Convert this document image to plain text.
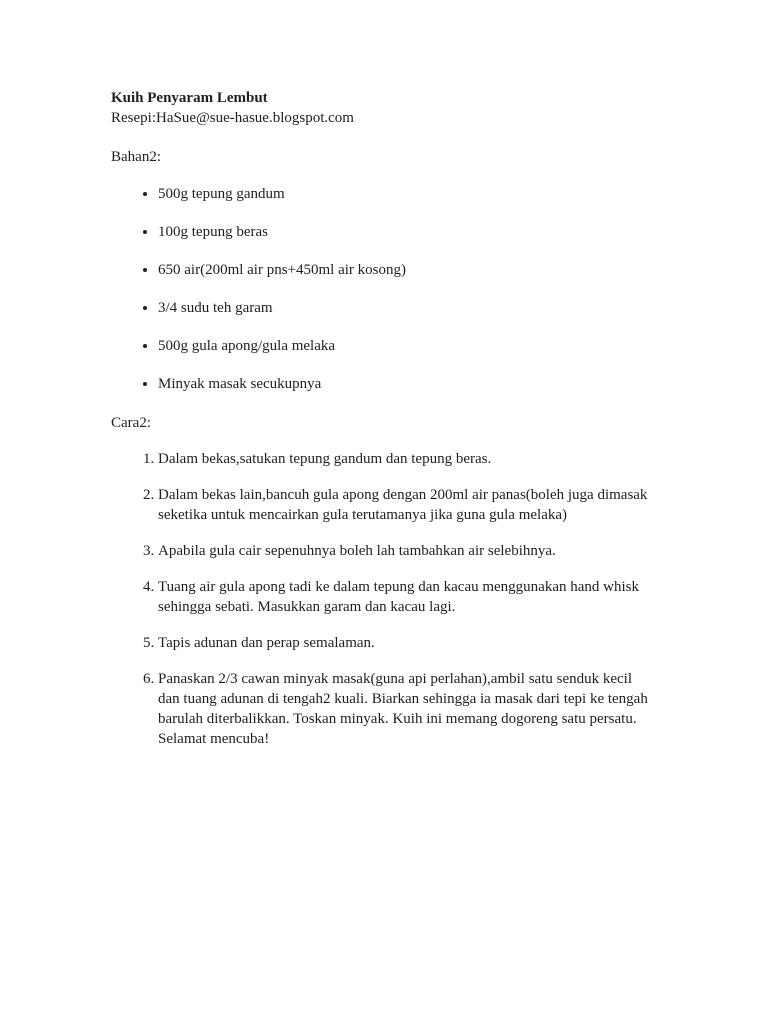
Kuih Penyaram Lembut

Resepi:HaSue@sue-hasue.blogspot.com

Bahan2:

• 500g tepung gandum
• 100g tepung beras
• 650 air(200ml air pns+450ml air kosong)
• 3/4 sudu teh garam
• 500g gula apong/gula melaka
• Minyak masak secukupnya

Cara2:

1. Dalam bekas,satukan tepung gandum dan tepung beras.
2. Dalam bekas lain,bancuh gula apong dengan 200ml air panas(boleh juga dimasak seketika untuk mencairkan gula terutamanya jika guna gula melaka)
3. Apabila gula cair sepenuhnya boleh lah tambahkan air selebihnya.
4. Tuang air gula apong tadi ke dalam tepung dan kacau menggunakan hand whisk sehingga sebati. Masukkan garam dan kacau lagi.
5. Tapis adunan dan perap semalaman.
6. Panaskan 2/3 cawan minyak masak(guna api perlahan),ambil satu senduk kecil dan tuang adunan di tengah2 kuali. Biarkan sehingga ia masak dari tepi ke tengah barulah diterbalikkan. Toskan minyak. Kuih ini memang dogoreng satu persatu. Selamat mencuba!
